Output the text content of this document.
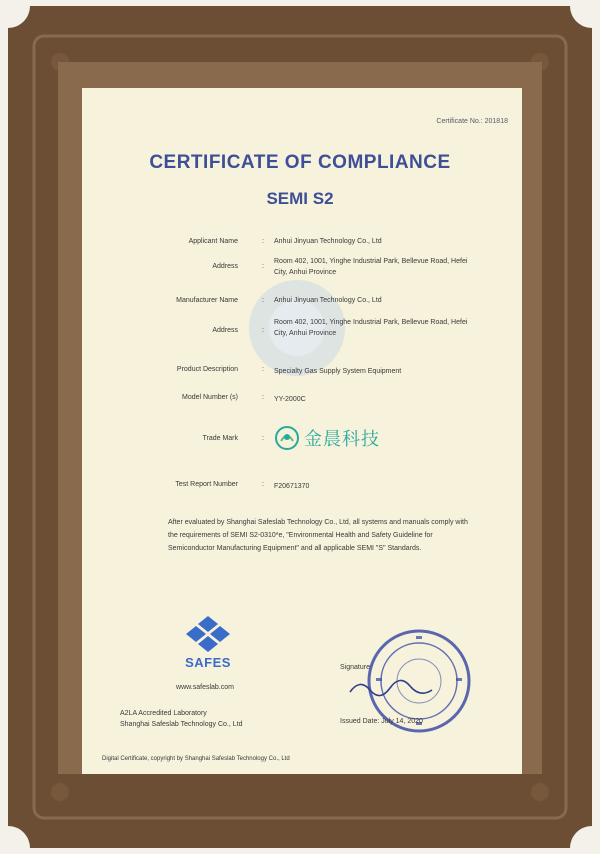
Certificate No.: 201818
CERTIFICATE OF COMPLIANCE
SEMI S2
Applicant Name	: Anhui Jinyuan Technology Co., Ltd
Address	:
Room 402, 1001, Yinghe Industrial Park, Bellevue Road, Hefei City, Anhui Province
Manufacturer Name	: Anhui Jinyuan Technology Co., Ltd
Address	:
Room 402, 1001, Yinghe Industrial Park, Bellevue Road, Hefei City, Anhui Province
Product Description	: Specialty Gas Supply System Equipment
Model Number (s)	: YY-2000C
Trade Mark	: 金晨科技
Test Report Number	: F20671370
After evaluated by Shanghai Safeslab Technology Co., Ltd, all systems and manuals comply with the requirements of SEMI S2-0310*e, "Environmental Health and Safety Guideline for Semiconductor Manufacturing Equipment" and all applicable SEMI "S" Standards.
SAFES
www.safeslab.com
A2LA Accredited Laboratory
Shanghai Safeslab Technology Co., Ltd
Signature:
Issued Date: July 14, 2020
Digital Certificate, copyright by Shanghai Safeslab Technology Co., Ltd
